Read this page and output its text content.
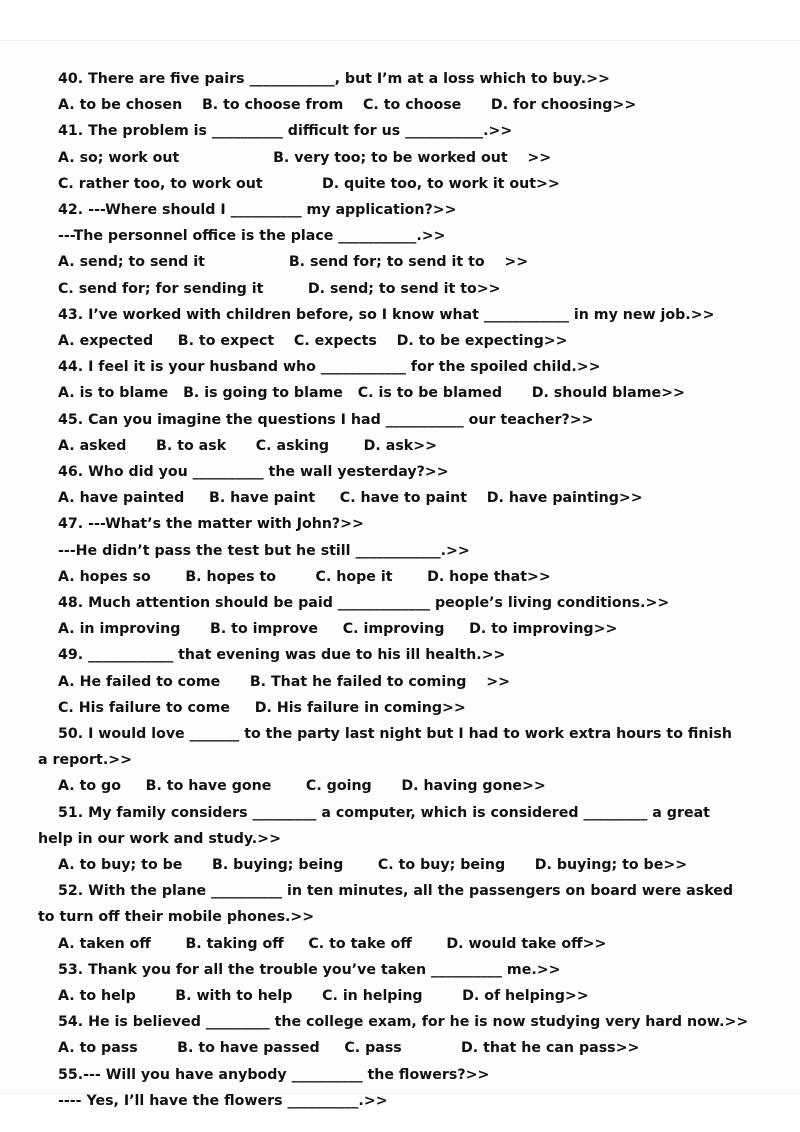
40. There are five pairs ____________, but I’m at a loss which to buy.>>
A. to be chosen    B. to choose from    C. to choose      D. for choosing>>
41. The problem is __________ difficult for us ___________.>>
A. so; work out                   B. very too; to be worked out    >>
C. rather too, to work out            D. quite too, to work it out>>
42. ---Where should I __________ my application?>>
---The personnel office is the place ___________.>>
A. send; to send it                 B. send for; to send it to    >>
C. send for; for sending it         D. send; to send it to>>
43. I’ve worked with children before, so I know what ____________ in my new job.>>
A. expected     B. to expect    C. expects    D. to be expecting>>
44. I feel it is your husband who ____________ for the spoiled child.>>
A. is to blame   B. is going to blame   C. is to be blamed      D. should blame>>
45. Can you imagine the questions I had ___________ our teacher?>>
A. asked      B. to ask      C. asking       D. ask>>
46. Who did you __________ the wall yesterday?>>
A. have painted     B. have paint     C. have to paint    D. have painting>>
47. ---What’s the matter with John?>>
---He didn’t pass the test but he still ____________.>>
A. hopes so       B. hopes to        C. hope it       D. hope that>>
48. Much attention should be paid _____________ people’s living conditions.>>
A. in improving      B. to improve     C. improving     D. to improving>>
49. ____________ that evening was due to his ill health.>>
A. He failed to come      B. That he failed to coming    >>
C. His failure to come     D. His failure in coming>>
50. I would love _______ to the party last night but I had to work extra hours to finish
a report.>>
A. to go     B. to have gone       C. going      D. having gone>>
51. My family considers _________ a computer, which is considered _________ a great
help in our work and study.>>
A. to buy; to be      B. buying; being       C. to buy; being      D. buying; to be>>
52. With the plane __________ in ten minutes, all the passengers on board were asked
to turn off their mobile phones.>>
A. taken off       B. taking off     C. to take off       D. would take off>>
53. Thank you for all the trouble you’ve taken __________ me.>>
A. to help        B. with to help      C. in helping        D. of helping>>
54. He is believed _________ the college exam, for he is now studying very hard now.>>
A. to pass        B. to have passed     C. pass            D. that he can pass>>
55.--- Will you have anybody __________ the flowers?>>
---- Yes, I’ll have the flowers __________.>>
